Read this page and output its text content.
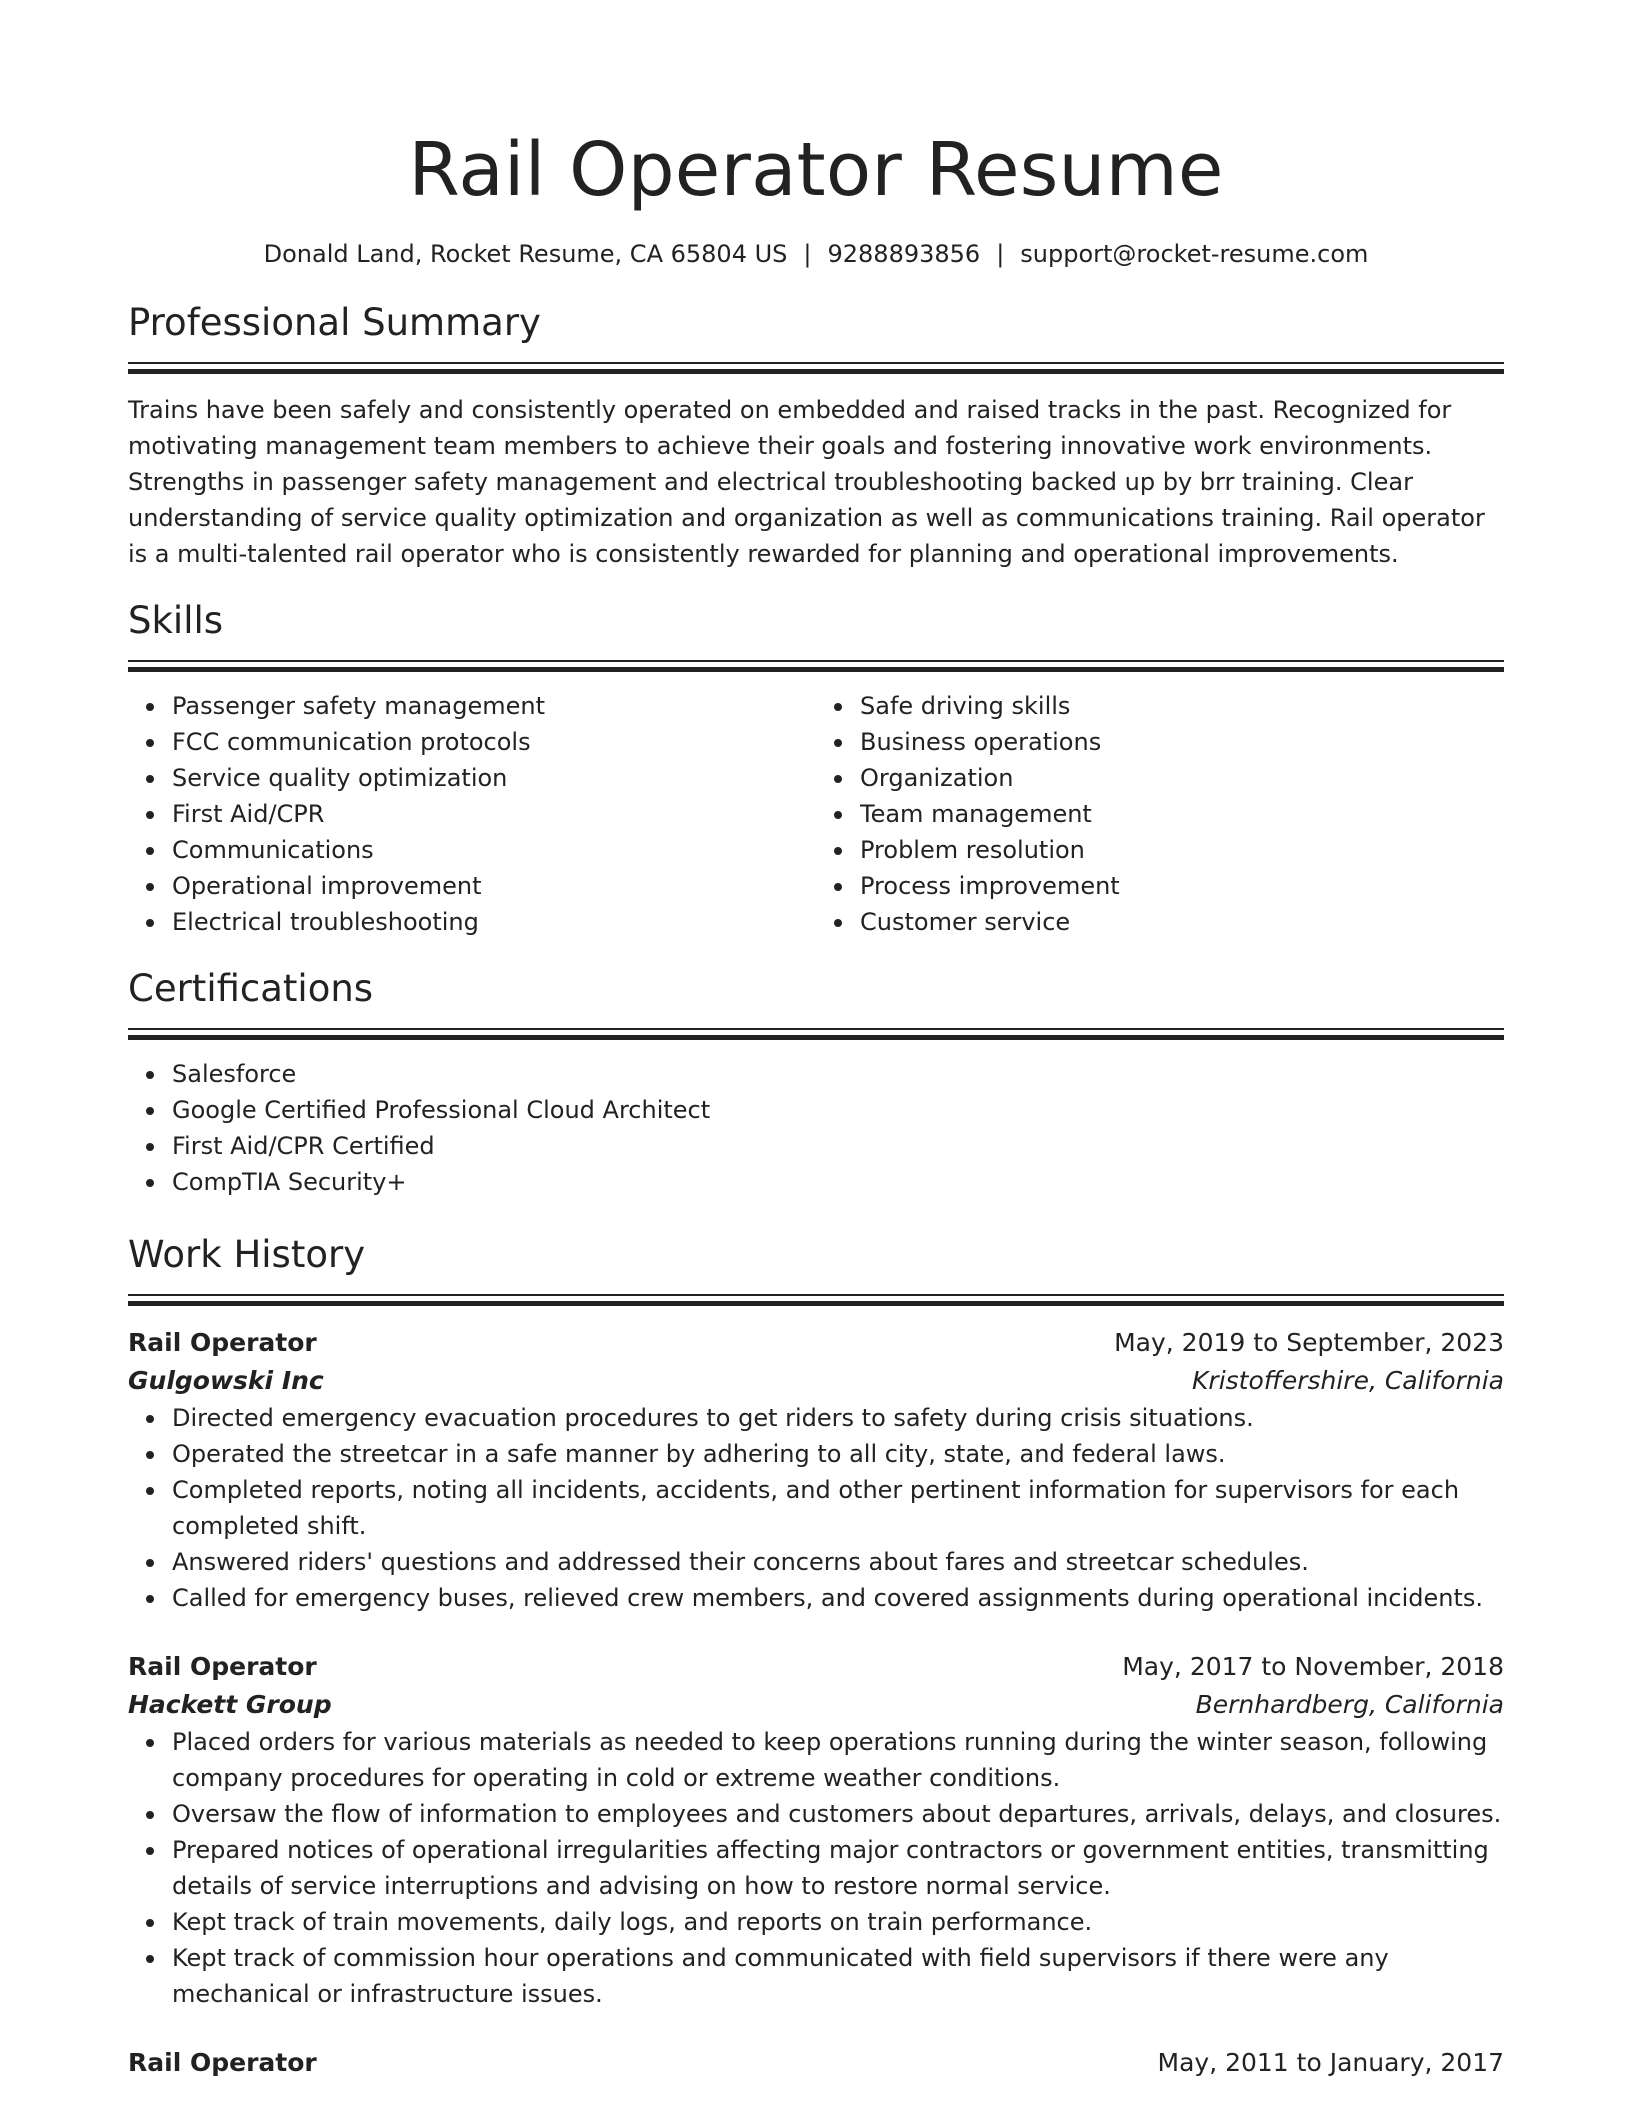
Rail Operator Resume
Donald Land, Rocket Resume, CA 65804 US | 9288893856 | support@rocket-resume.com
Professional Summary
Trains have been safely and consistently operated on embedded and raised tracks in the past. Recognized for motivating management team members to achieve their goals and fostering innovative work environments. Strengths in passenger safety management and electrical troubleshooting backed up by brr training. Clear understanding of service quality optimization and organization as well as communications training. Rail operator is a multi-talented rail operator who is consistently rewarded for planning and operational improvements.
Skills
Passenger safety management
FCC communication protocols
Service quality optimization
First Aid/CPR
Communications
Operational improvement
Electrical troubleshooting
Safe driving skills
Business operations
Organization
Team management
Problem resolution
Process improvement
Customer service
Certifications
Salesforce
Google Certified Professional Cloud Architect
First Aid/CPR Certified
CompTIA Security+
Work History
Rail Operator	May, 2019 to September, 2023
Gulgowski Inc	Kristoffershire, California
Directed emergency evacuation procedures to get riders to safety during crisis situations.
Operated the streetcar in a safe manner by adhering to all city, state, and federal laws.
Completed reports, noting all incidents, accidents, and other pertinent information for supervisors for each completed shift.
Answered riders' questions and addressed their concerns about fares and streetcar schedules.
Called for emergency buses, relieved crew members, and covered assignments during operational incidents.
Rail Operator	May, 2017 to November, 2018
Hackett Group	Bernhardberg, California
Placed orders for various materials as needed to keep operations running during the winter season, following company procedures for operating in cold or extreme weather conditions.
Oversaw the flow of information to employees and customers about departures, arrivals, delays, and closures.
Prepared notices of operational irregularities affecting major contractors or government entities, transmitting details of service interruptions and advising on how to restore normal service.
Kept track of train movements, daily logs, and reports on train performance.
Kept track of commission hour operations and communicated with field supervisors if there were any mechanical or infrastructure issues.
Rail Operator	May, 2011 to January, 2017
